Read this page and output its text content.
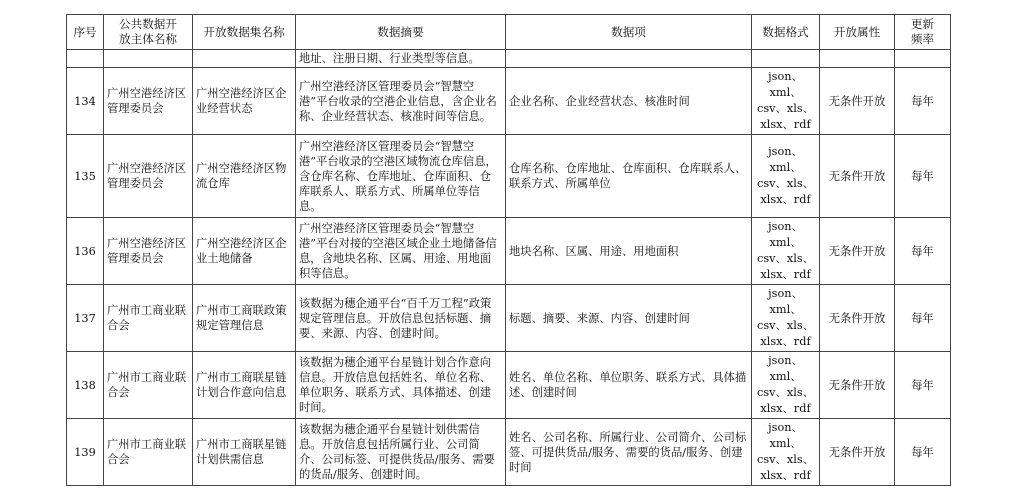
序号	公共数据开放主体名称	开放数据集名称	数据摘要	数据项	数据格式	开放属性	更新频率
			地址、注册日期、行业类型等信息。				
134	广州空港经济区管理委员会	广州空港经济区企业经营状态	广州空港经济区管理委员会“智慧空港”平台收录的空港企业信息，含企业名称、企业经营状态、核准时间等信息。	企业名称、企业经营状态、核准时间	json、xml、csv、xls、xlsx、rdf	无条件开放	每年
135	广州空港经济区管理委员会	广州空港经济区物流仓库	广州空港经济区管理委员会“智慧空港”平台收录的空港区域物流仓库信息，含仓库名称、仓库地址、仓库面积、仓库联系人、联系方式、所属单位等信息。	仓库名称、仓库地址、仓库面积、仓库联系人、联系方式、所属单位	json、xml、csv、xls、xlsx、rdf	无条件开放	每年
136	广州空港经济区管理委员会	广州空港经济区企业土地储备	广州空港经济区管理委员会“智慧空港”平台对接的空港区域企业土地储备信息，含地块名称、区属、用途、用地面积等信息。	地块名称、区属、用途、用地面积	json、xml、csv、xls、xlsx、rdf	无条件开放	每年
137	广州市工商业联合会	广州市工商联政策规定管理信息	该数据为穗企通平台“百千万工程”政策规定管理信息。开放信息包括标题、摘要、来源、内容、创建时间。	标题、摘要、来源、内容、创建时间	json、xml、csv、xls、xlsx、rdf	无条件开放	每年
138	广州市工商业联合会	广州市工商联星链计划合作意向信息	该数据为穗企通平台星链计划合作意向信息。开放信息包括姓名、单位名称、单位职务、联系方式、具体描述、创建时间。	姓名、单位名称、单位职务、联系方式、具体描述、创建时间	json、xml、csv、xls、xlsx、rdf	无条件开放	每年
139	广州市工商业联合会	广州市工商联星链计划供需信息	该数据为穗企通平台星链计划供需信息。开放信息包括所属行业、公司简介、公司标签、可提供货品/服务、需要的货品/服务、创建时间。	姓名、公司名称、所属行业、公司简介、公司标签、可提供货品/服务、需要的货品/服务、创建时间	json、xml、csv、xls、xlsx、rdf	无条件开放	每年
